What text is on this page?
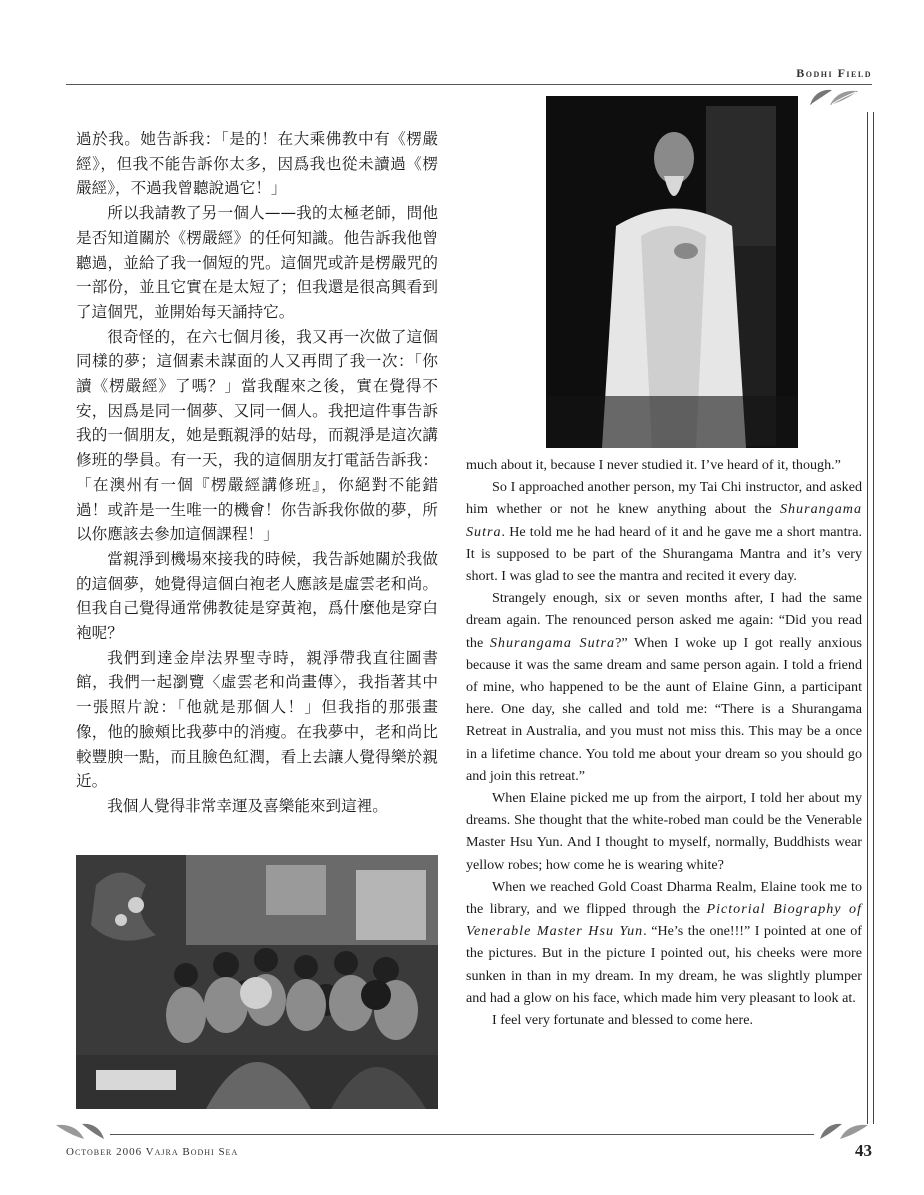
Bodhi Field

過於我。她告訴我：「是的！在大乘佛教中有《楞嚴經》，但我不能告訴你太多，因爲我也從未讀過《楞嚴經》，不過我曾聽說過它！」

所以我請教了另一個人——我的太極老師，問他是否知道關於《楞嚴經》的任何知識。他告訴我他曾聽過，並給了我一個短的咒。這個咒或許是楞嚴咒的一部份，並且它實在是太短了；但我還是很高興看到了這個咒，並開始每天誦持它。

很奇怪的，在六七個月後，我又再一次做了這個同樣的夢；這個素未謀面的人又再問了我一次：「你讀《楞嚴經》了嗎？」當我醒來之後，實在覺得不安，因爲是同一個夢、又同一個人。我把這件事告訴我的一個朋友，她是甄親淨的姑母，而親淨是這次講修班的學員。有一天，我的這個朋友打電話告訴我：「在澳州有一個『楞嚴經講修班』，你絕對不能錯過！或許是一生唯一的機會！你告訴我你做的夢，所以你應該去參加這個課程！」

當親淨到機場來接我的時候，我告訴她關於我做的這個夢，她覺得這個白袍老人應該是虛雲老和尚。但我自己覺得通常佛教徒是穿黃袍，爲什麼他是穿白袍呢？

我們到達金岸法界聖寺時，親淨帶我直往圖書館，我們一起瀏覽〈虛雲老和尚畫傳〉，我指著其中一張照片說：「他就是那個人！」但我指的那張畫像，他的臉頰比我夢中的消瘦。在我夢中，老和尚比較豐腴一點，而且臉色紅潤，看上去讓人覺得樂於親近。

我個人覺得非常幸運及喜樂能來到這裡。

much about it, because I never studied it. I’ve heard of it, though.”

So I approached another person, my Tai Chi instructor, and asked him whether or not he knew anything about the Shurangama Sutra. He told me he had heard of it and he gave me a short mantra. It is supposed to be part of the Shurangama Mantra and it’s very short. I was glad to see the mantra and recited it every day.

Strangely enough, six or seven months after, I had the same dream again. The renounced person asked me again: “Did you read the Shurangama Sutra?” When I woke up I got really anxious because it was the same dream and same person again. I told a friend of mine, who happened to be the aunt of Elaine Ginn, a participant here. One day, she called and told me: “There is a Shurangama Retreat in Australia, and you must not miss this. This may be a once in a lifetime chance. You told me about your dream so you should go and join this retreat.”

When Elaine picked me up from the airport, I told her about my dreams. She thought that the white-robed man could be the Venerable Master Hsu Yun. And I thought to myself, normally, Buddhists wear yellow robes; how come he is wearing white?

When we reached Gold Coast Dharma Realm, Elaine took me to the library, and we flipped through the Pictorial Biography of Venerable Master Hsu Yun. “He’s the one!!!” I pointed at one of the pictures. But in the picture I pointed out, his cheeks were more sunken in than in my dream. In my dream, he was slightly plumper and had a glow on his face, which made him very pleasant to look at.

I feel very fortunate and blessed to come here.

October 2006 Vajra Bodhi Sea	43
